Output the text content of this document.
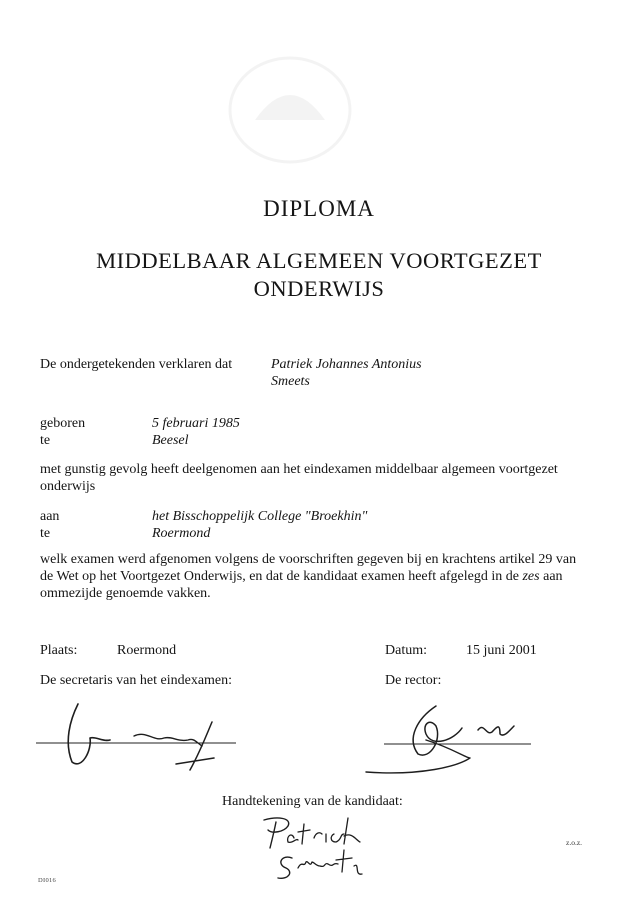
DIPLOMA
MIDDELBAAR ALGEMEEN VOORTGEZET
ONDERWIJS
De ondergetekenden verklaren dat	Patriek Johannes Antonius
Smeets
geboren	5 februari 1985
te	Beesel
met gunstig gevolg heeft deelgenomen aan het eindexamen middelbaar algemeen voortgezet
onderwijs
aan	het Bisschoppelijk College "Broekhin"
te	Roermond
welk examen werd afgenomen volgens de voorschriften gegeven bij en krachtens artikel 29 van
de Wet op het Voortgezet Onderwijs, en dat de kandidaat examen heeft afgelegd in de zes aan
ommezijde genoemde vakken.
Plaats:	Roermond	Datum:	15 juni 2001
De secretaris van het eindexamen:	De rector:
Handtekening van de kandidaat:
DI016
z.o.z.
